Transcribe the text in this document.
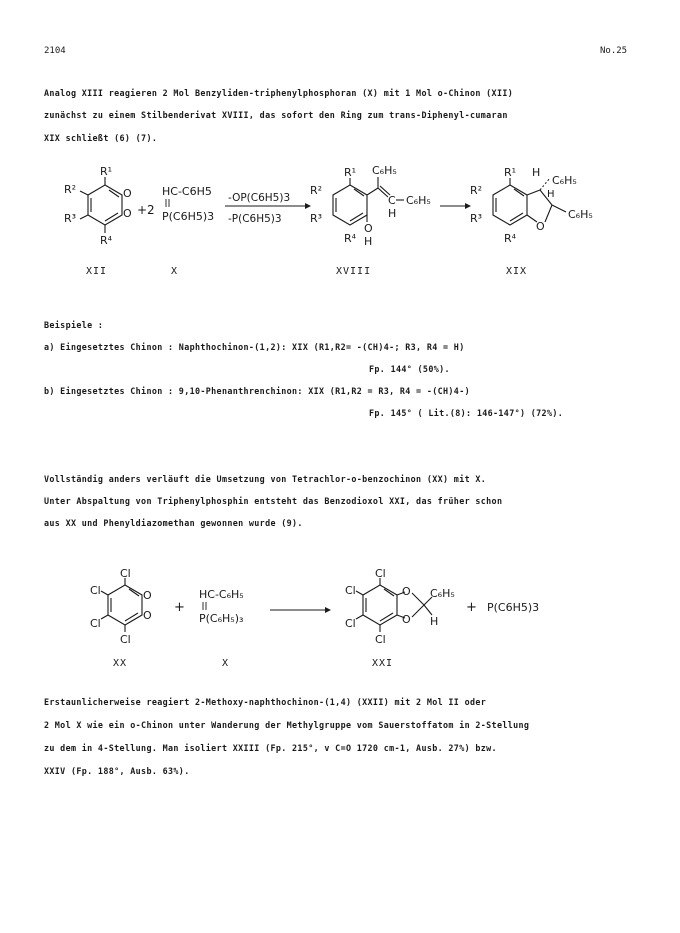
2104	No.25
Analog XIII reagieren 2 Mol Benzyliden-triphenylphosphoran (X) mit 1 Mol o-Chinon (XII)
zunächst zu einem Stilbenderivat XVIII, das sofort den Ring zum trans-Diphenyl-cumaran
XIX schließt (6) (7).
R¹
R²
R³
R⁴
O
O +2
HC-C6H5
P(C6H5)3
-OP(C6H5)3
-P(C6H5)3
R¹ C₆H₅
R²
R³
R⁴
O
H
C C₆H₅
H
R¹ H
C₆H₅
H
R²
R³
R⁴
O
C₆H₅
XII	X	XVIII	XIX
Beispiele :
a) Eingesetztes Chinon : Naphthochinon-(1,2): XIX (R1,R2= -(CH)4-; R3, R4 = H)
Fp. 144° (50%).
b) Eingesetztes Chinon : 9,10-Phenanthrenchinon: XIX (R1,R2 = R3, R4 = -(CH)4-)
Fp. 145° ( Lit.(8): 146-147°) (72%).
Vollständig anders verläuft die Umsetzung von Tetrachlor-o-benzochinon (XX) mit X.
Unter Abspaltung von Triphenylphosphin entsteht das Benzodioxol XXI, das früher schon
aus XX und Phenyldiazomethan gewonnen wurde (9).
Cl
Cl
Cl
Cl
O
O
+
HC-C₆H₅
P(C₆H₅)₃
Cl
Cl
Cl
Cl
O
O
C₆H₅
H
+ P(C6H5)3
XX	X	XXI
Erstaunlicherweise reagiert 2-Methoxy-naphthochinon-(1,4) (XXII) mit 2 Mol II oder
2 Mol X wie ein o-Chinon unter Wanderung der Methylgruppe vom Sauerstoffatom in 2-Stellung
zu dem in 4-Stellung. Man isoliert XXIII (Fp. 215°, v C=O 1720 cm-1, Ausb. 27%) bzw.
XXIV (Fp. 188°, Ausb. 63%).
